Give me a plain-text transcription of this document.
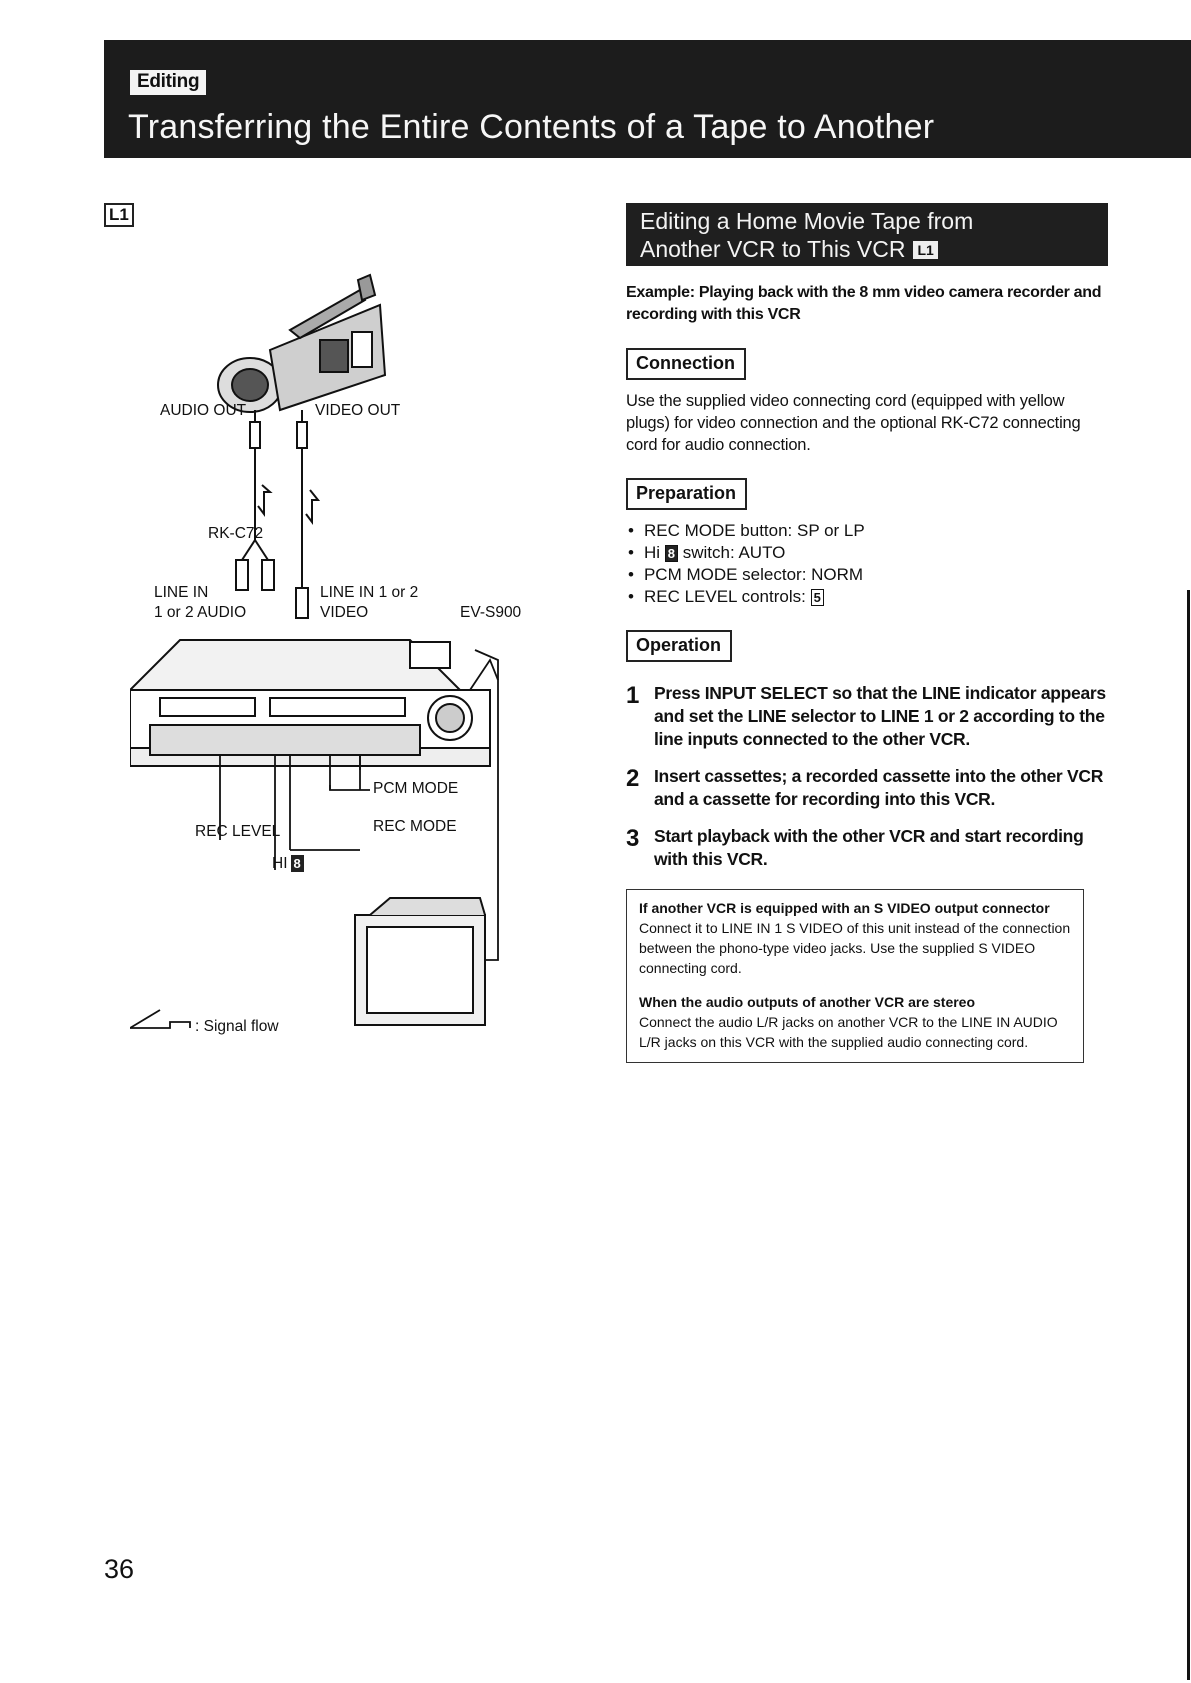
Editing
Transferring the Entire Contents of a Tape to Another
L1
AUDIO OUT	VIDEO OUT
RK-C72
LINE IN
1 or 2 AUDIO
LINE IN 1 or 2
VIDEO	EV-S900
PCM MODE
REC MODE
REC LEVEL
HI 8
: Signal flow
Editing a Home Movie Tape from
Another VCR to This VCR L1
Example: Playing back with the 8 mm video camera recorder and recording with this VCR
Connection
Use the supplied video connecting cord (equipped with yellow plugs) for video connection and the optional RK-C72 connecting cord for audio connection.
Preparation
• REC MODE button: SP or LP
• Hi 8 switch: AUTO
• PCM MODE selector: NORM
• REC LEVEL controls: 5
Operation
1 Press INPUT SELECT so that the LINE indicator appears and set the LINE selector to LINE 1 or 2 according to the line inputs connected to the other VCR.
2 Insert cassettes; a recorded cassette into the other VCR and a cassette for recording into this VCR.
3 Start playback with the other VCR and start recording with this VCR.
If another VCR is equipped with an S VIDEO output connector

Connect it to LINE IN 1 S VIDEO of this unit instead of the connection between the phono-type video jacks. Use the supplied S VIDEO connecting cord.

When the audio outputs of another VCR are stereo

Connect the audio L/R jacks on another VCR to the LINE IN AUDIO L/R jacks on this VCR with the supplied audio connecting cord.

36
